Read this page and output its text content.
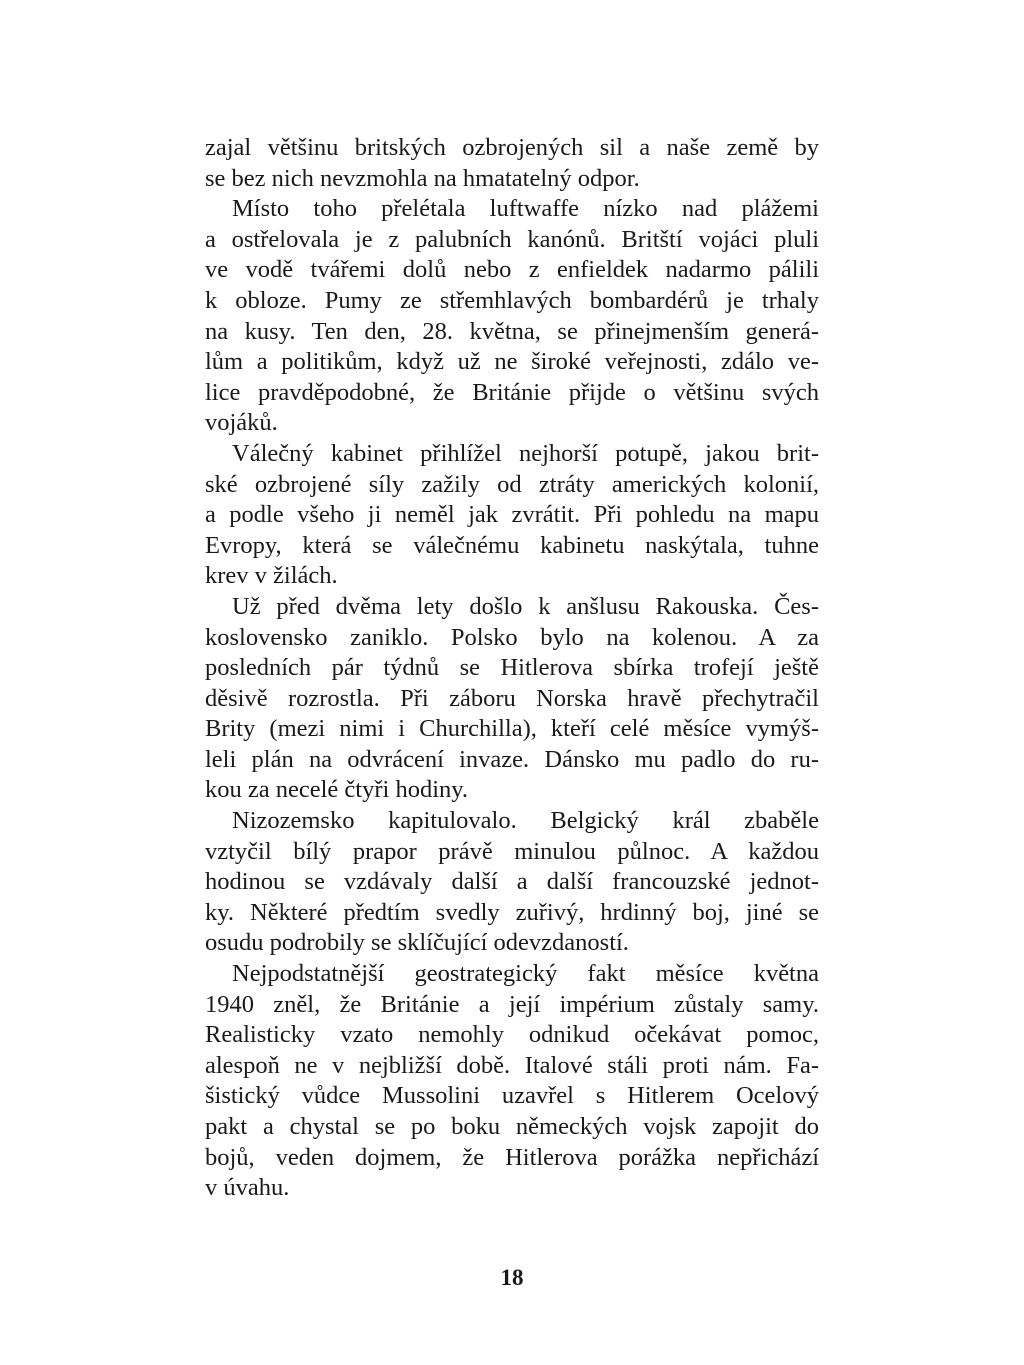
zajal většinu britských ozbrojených sil a naše země by
se bez nich nevzmohla na hmatatelný odpor.
Místo toho přelétala luftwaffe nízko nad plážemi
a ostřelovala je z palubních kanónů. Britští vojáci pluli
ve vodě tvářemi dolů nebo z enfieldek nadarmo pálili
k obloze. Pumy ze střemhlavých bombardérů je trhaly
na kusy. Ten den, 28. května, se přinejmenším generá-
lům a politikům, když už ne široké veřejnosti, zdálo ve-
lice pravděpodobné, že Británie přijde o většinu svých
vojáků.
Válečný kabinet přihlížel nejhorší potupě, jakou brit-
ské ozbrojené síly zažily od ztráty amerických kolonií,
a podle všeho ji neměl jak zvrátit. Při pohledu na mapu
Evropy, která se válečnému kabinetu naskýtala, tuhne
krev v žilách.
Už před dvěma lety došlo k anšlusu Rakouska. Čes-
koslovensko zaniklo. Polsko bylo na kolenou. A za
posledních pár týdnů se Hitlerova sbírka trofejí ještě
děsivě rozrostla. Při záboru Norska hravě přechytračil
Brity (mezi nimi i Churchilla), kteří celé měsíce vymýš-
leli plán na odvrácení invaze. Dánsko mu padlo do ru-
kou za necelé čtyři hodiny.
Nizozemsko kapitulovalo. Belgický král zbaběle
vztyčil bílý prapor právě minulou půlnoc. A každou
hodinou se vzdávaly další a další francouzské jednot-
ky. Některé předtím svedly zuřivý, hrdinný boj, jiné se
osudu podrobily se sklíčující odevzdaností.
Nejpodstatnější geostrategický fakt měsíce května
1940 zněl, že Británie a její impérium zůstaly samy.
Realisticky vzato nemohly odnikud očekávat pomoc,
alespoň ne v nejbližší době. Italové stáli proti nám. Fa-
šistický vůdce Mussolini uzavřel s Hitlerem Ocelový
pakt a chystal se po boku německých vojsk zapojit do
bojů, veden dojmem, že Hitlerova porážka nepřichází
v úvahu.
18
